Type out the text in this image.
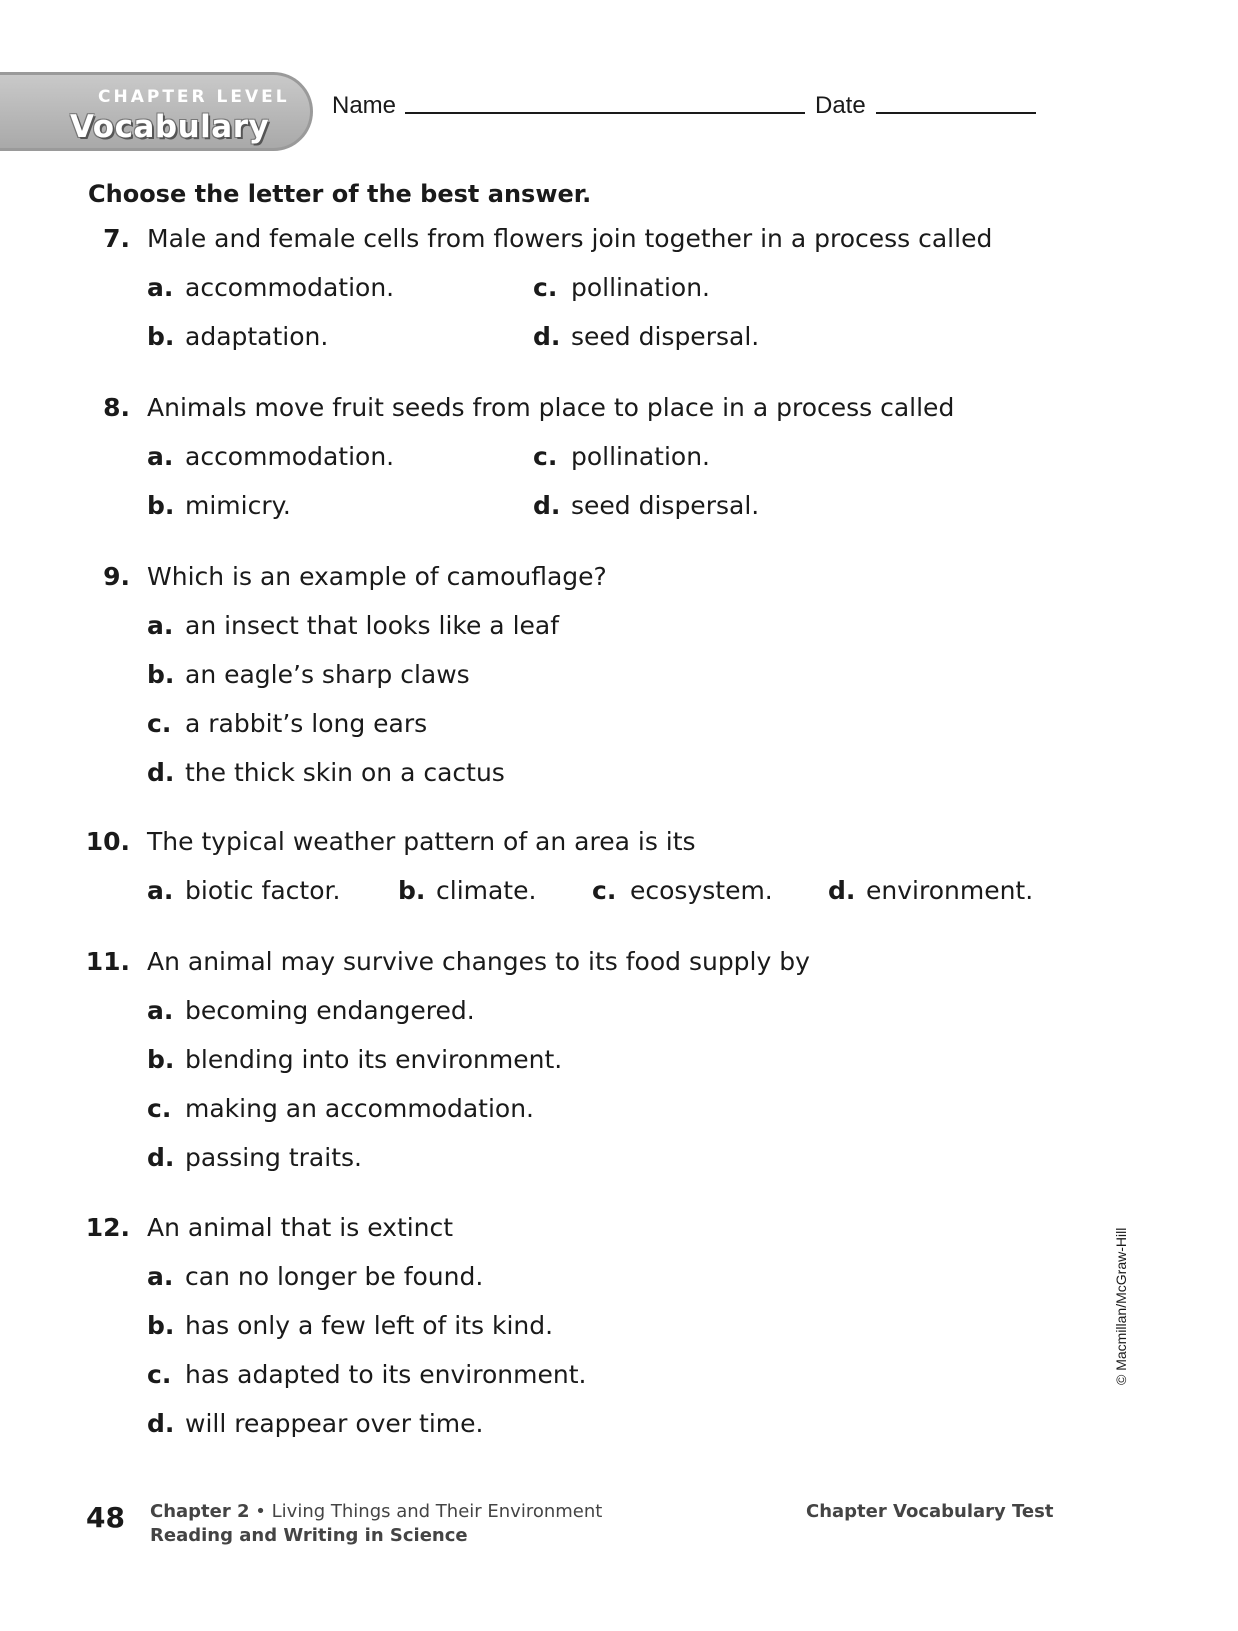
CHAPTER LEVEL
Vocabulary
Name	Date
Choose the letter of the best answer.
7. Male and female cells from flowers join together in a process called
a. accommodation.
b. adaptation.
c. pollination.
d. seed dispersal.
8. Animals move fruit seeds from place to place in a process called
a. accommodation.
b. mimicry.
c. pollination.
d. seed dispersal.
9. Which is an example of camouflage?
a. an insect that looks like a leaf
b. an eagle’s sharp claws
c. a rabbit’s long ears
d. the thick skin on a cactus
10. The typical weather pattern of an area is its
a. biotic factor. b. climate. c. ecosystem. d. environment.
11. An animal may survive changes to its food supply by
a. becoming endangered.
b. blending into its environment.
c. making an accommodation.
d. passing traits.
12. An animal that is extinct
a. can no longer be found.
b. has only a few left of its kind.
c. has adapted to its environment.
d. will reappear over time.
© Macmillan/McGraw-Hill
48 Chapter 2 • Living Things and Their Environment
Reading and Writing in Science
Chapter Vocabulary Test
